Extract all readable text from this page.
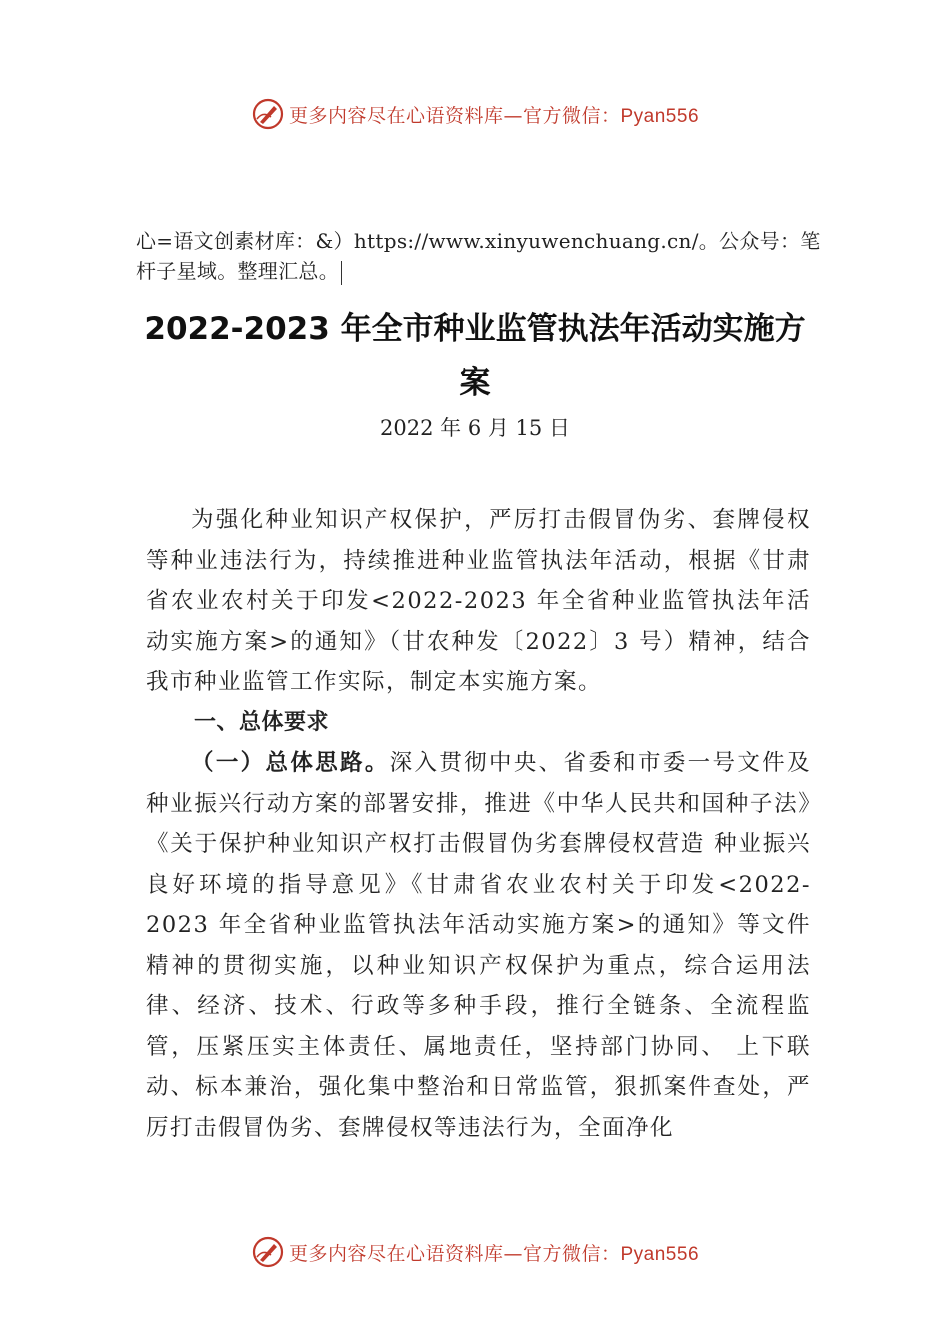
更多内容尽在心语资料库—官方微信：Pyan556
心=语文创素材库：&）https://www.xinyuwenchuang.cn/。公众号：笔杆子星域。整理汇总。
2022-2023 年全市种业监管执法年活动实施方案
2022 年 6 月 15 日

为强化种业知识产权保护，严厉打击假冒伪劣、套牌侵权等种业违法行为，持续推进种业监管执法年活动，根据《甘肃省农业农村关于印发<2022-2023 年全省种业监管执法年活动实施方案>的通知》（甘农种发〔2022〕3 号）精神，结合我市种业监管工作实际，制定本实施方案。

一、总体要求

（一）总体思路。深入贯彻中央、省委和市委一号文件及种业振兴行动方案的部署安排，推进《中华人民共和国种子法》《关于保护种业知识产权打击假冒伪劣套牌侵权营造 种业振兴良好环境的指导意见》《甘肃省农业农村关于印发<2022-2023 年全省种业监管执法年活动实施方案>的通知》等文件精神的贯彻实施，以种业知识产权保护为重点，综合运用法律、经济、技术、行政等多种手段，推行全链条、全流程监管，压紧压实主体责任、属地责任，坚持部门协同、 上下联动、标本兼治，强化集中整治和日常监管，狠抓案件查处，严厉打击假冒伪劣、套牌侵权等违法行为，全面净化

更多内容尽在心语资料库—官方微信：Pyan556
